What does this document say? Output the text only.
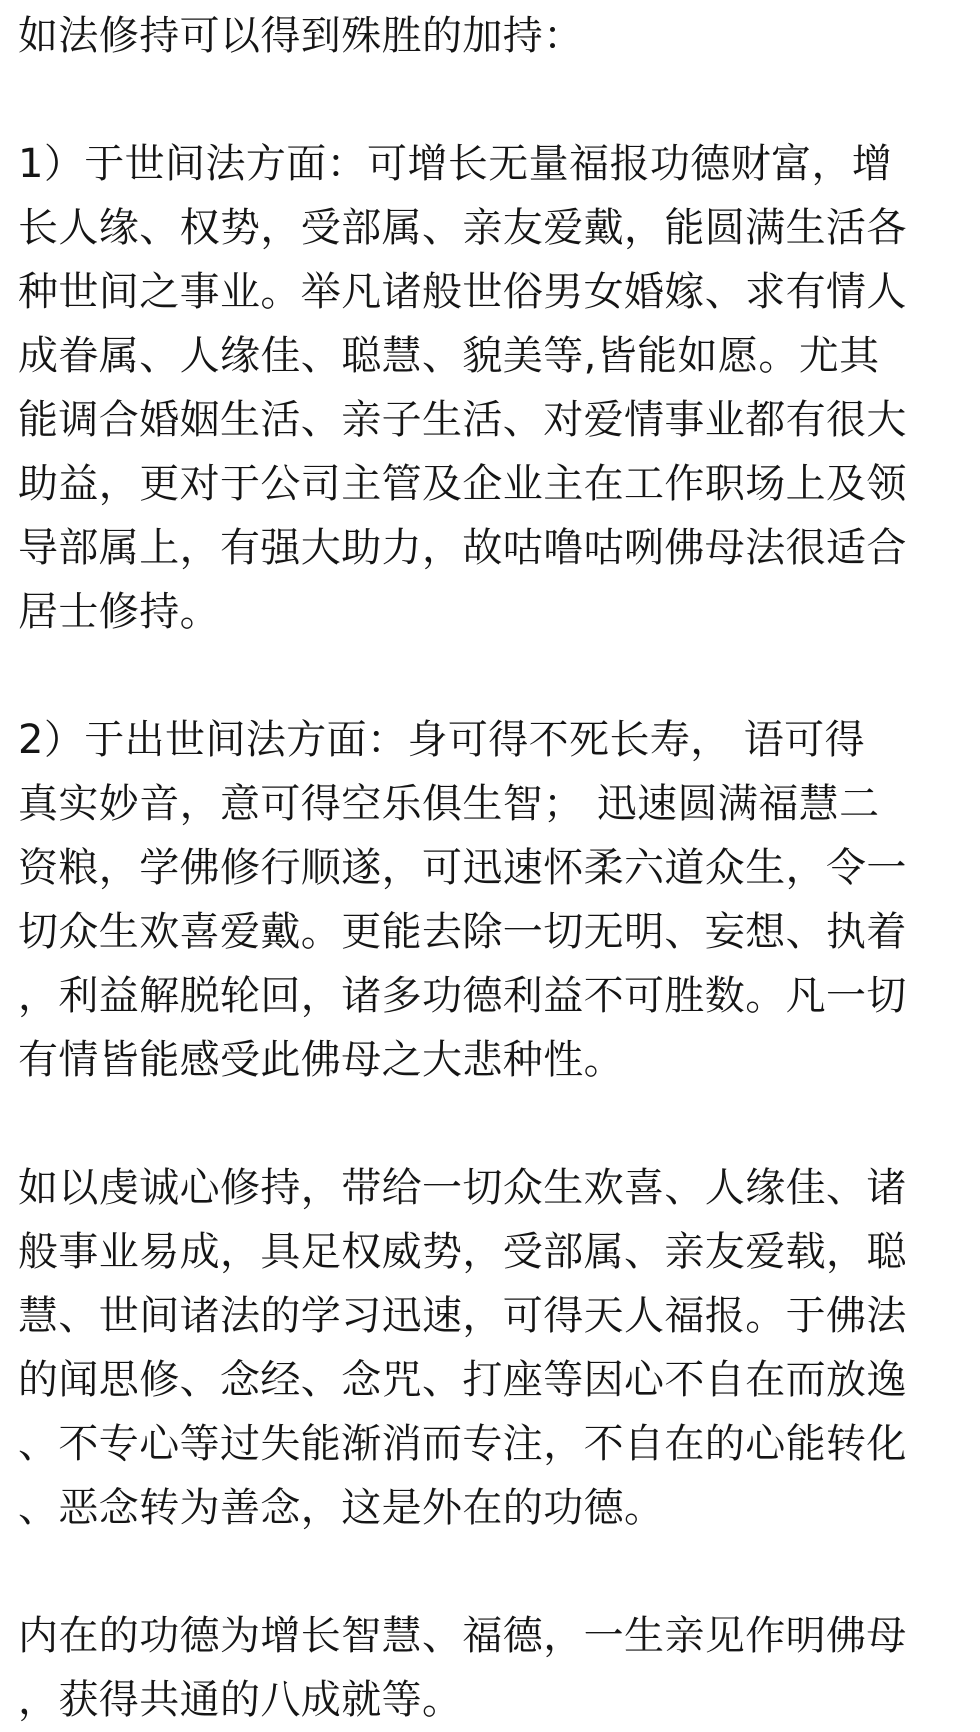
如法修持可以得到殊胜的加持：
1）于世间法方面：可增长无量福报功德财富，增
长人缘、权势，受部属、亲友爱戴，能圆满生活各
种世间之事业。举凡诸般世俗男女婚嫁、求有情人
成眷属、人缘佳、聪慧、貌美等,皆能如愿。尤其
能调合婚姻生活、亲子生活、对爱情事业都有很大
助益，更对于公司主管及企业主在工作职场上及领
导部属上，有强大助力，故咕噜咕咧佛母法很适合
居士修持。
2）于出世间法方面：身可得不死长寿， 语可得
真实妙音，意可得空乐俱生智； 迅速圆满福慧二
资粮，学佛修行顺遂，可迅速怀柔六道众生，令一
切众生欢喜爱戴。更能去除一切无明、妄想、执着
，利益解脱轮回，诸多功德利益不可胜数。凡一切
有情皆能感受此佛母之大悲种性。
如以虔诚心修持，带给一切众生欢喜、人缘佳、诸
般事业易成，具足权威势，受部属、亲友爱载，聪
慧、世间诸法的学习迅速，可得天人福报。于佛法
的闻思修、念经、念咒、打座等因心不自在而放逸
、不专心等过失能渐消而专注，不自在的心能转化
、恶念转为善念，这是外在的功德。
内在的功德为增长智慧、福德，一生亲见作明佛母
，获得共通的八成就等。
